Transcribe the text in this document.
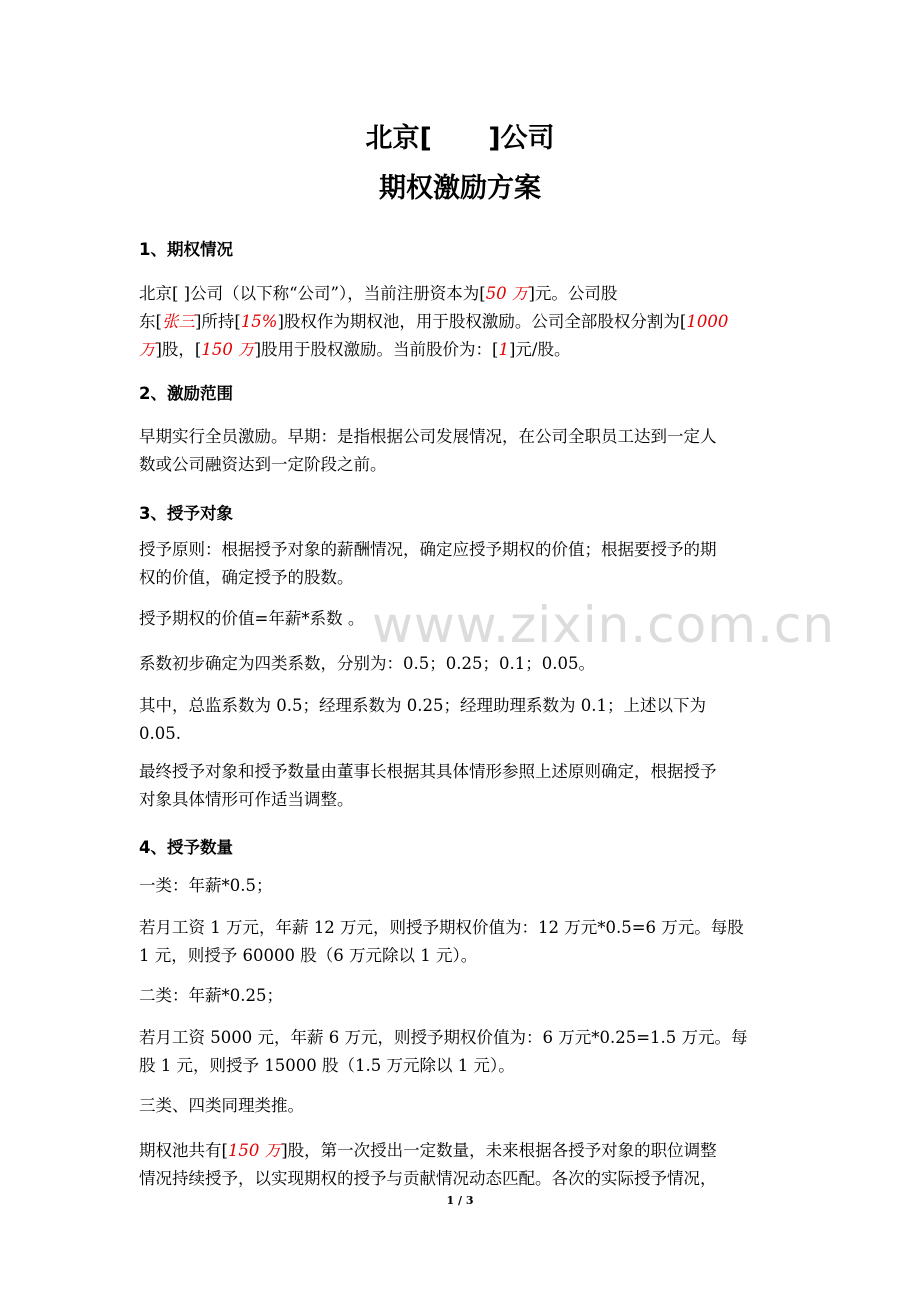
北京[      ]公司
期权激励方案
1、期权情况
北京[ ]公司（以下称“公司”），当前注册资本为[50 万]元。公司股
东[张三]所持[15%]股权作为期权池，用于股权激励。公司全部股权分割为[1000
万]股，[150 万]股用于股权激励。当前股价为：[1]元/股。
2、激励范围
早期实行全员激励。早期：是指根据公司发展情况，在公司全职员工达到一定人
数或公司融资达到一定阶段之前。
3、授予对象
授予原则：根据授予对象的薪酬情况，确定应授予期权的价值；根据要授予的期
权的价值，确定授予的股数。
授予期权的价值=年薪*系数 。
系数初步确定为四类系数，分别为：0.5；0.25；0.1；0.05。
其中，总监系数为 0.5；经理系数为 0.25；经理助理系数为 0.1；上述以下为
0.05.
最终授予对象和授予数量由董事长根据其具体情形参照上述原则确定，根据授予
对象具体情形可作适当调整。
4、授予数量
一类：年薪*0.5；
若月工资 1 万元，年薪 12 万元，则授予期权价值为：12 万元*0.5=6 万元。每股
1 元，则授予 60000 股（6 万元除以 1 元）。
二类：年薪*0.25；
若月工资 5000 元，年薪 6 万元，则授予期权价值为：6 万元*0.25=1.5 万元。每
股 1 元，则授予 15000 股（1.5 万元除以 1 元）。
三类、四类同理类推。
期权池共有[150 万]股，第一次授出一定数量，未来根据各授予对象的职位调整
情况持续授予，以实现期权的授予与贡献情况动态匹配。各次的实际授予情况，
www.zixin.com.cn
1 / 3
